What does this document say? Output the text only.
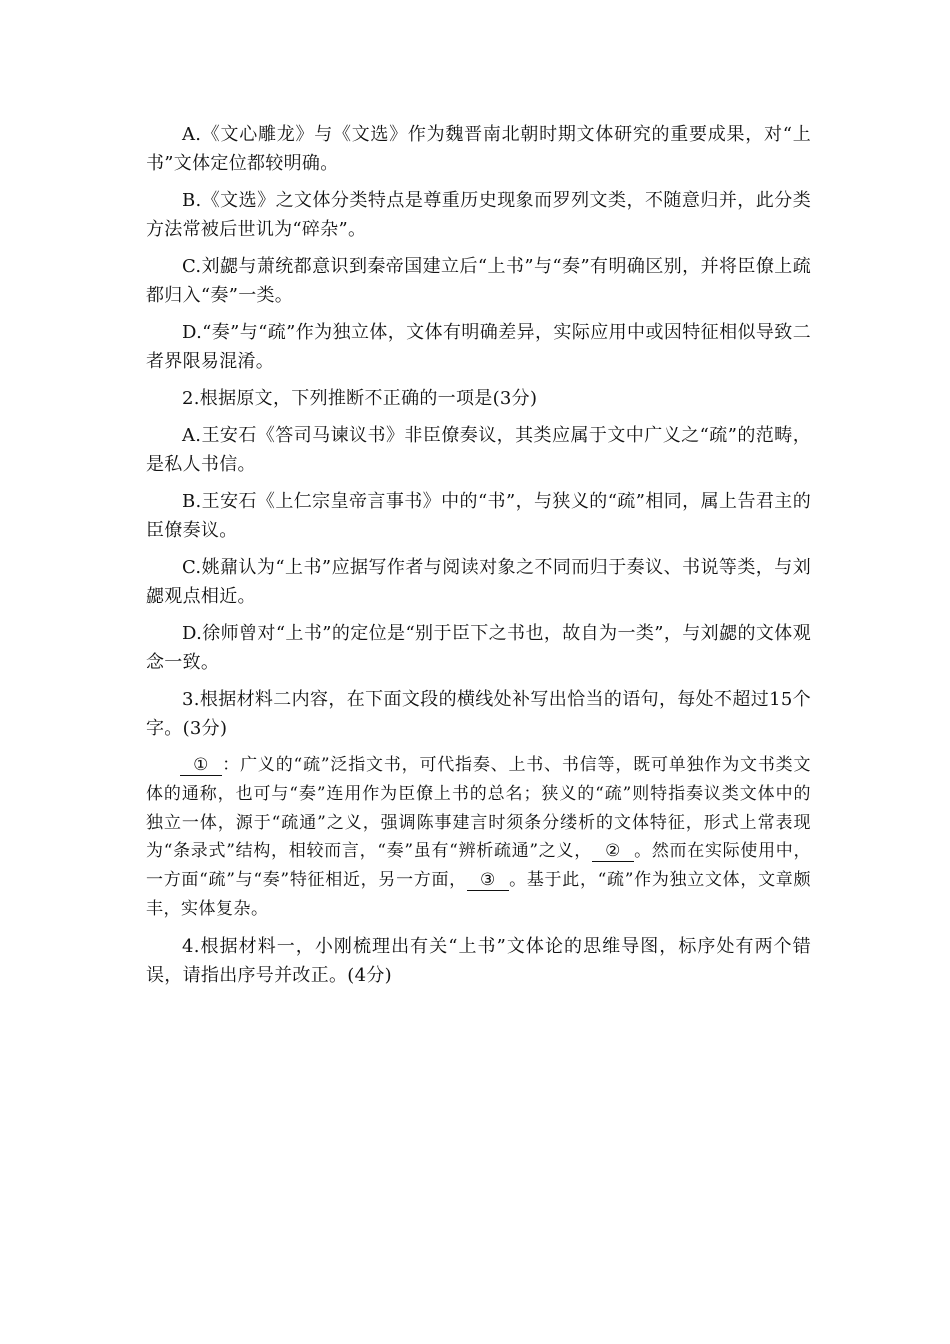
A.《文心雕龙》与《文选》作为魏晋南北朝时期文体研究的重要成果，对“上书”文体定位都较明确。

B.《文选》之文体分类特点是尊重历史现象而罗列文类，不随意归并，此分类方法常被后世讥为“碎杂”。

C.刘勰与萧统都意识到秦帝国建立后“上书”与“奏”有明确区别，并将臣僚上疏都归入“奏”一类。

D.“奏”与“疏”作为独立体，文体有明确差异，实际应用中或因特征相似导致二者界限易混淆。

2.根据原文，下列推断不正确的一项是(3分)

A.王安石《答司马谏议书》非臣僚奏议，其类应属于文中广义之“疏”的范畴，是私人书信。

B.王安石《上仁宗皇帝言事书》中的“书”，与狭义的“疏”相同，属上告君主的臣僚奏议。

C.姚鼐认为“上书”应据写作者与阅读对象之不同而归于奏议、书说等类，与刘勰观点相近。

D.徐师曾对“上书”的定位是“别于臣下之书也，故自为一类”，与刘勰的文体观念一致。

3.根据材料二内容，在下面文段的横线处补写出恰当的语句，每处不超过15个字。(3分)

① ：广义的“疏”泛指文书，可代指奏、上书、书信等，既可单独作为文书类文体的通称，也可与“奏”连用作为臣僚上书的总名；狭义的“疏”则特指奏议类文体中的独立一体，源于“疏通”之义，强调陈事建言时须条分缕析的文体特征，形式上常表现为“条录式”结构，相较而言，“奏”虽有“辨析疏通”之义， ② 。然而在实际使用中，一方面“疏”与“奏”特征相近，另一方面， ③ 。基于此，“疏”作为独立文体，文章颇丰，实体复杂。

4.根据材料一，小刚梳理出有关“上书”文体论的思维导图，标序处有两个错误，请指出序号并改正。(4分)
